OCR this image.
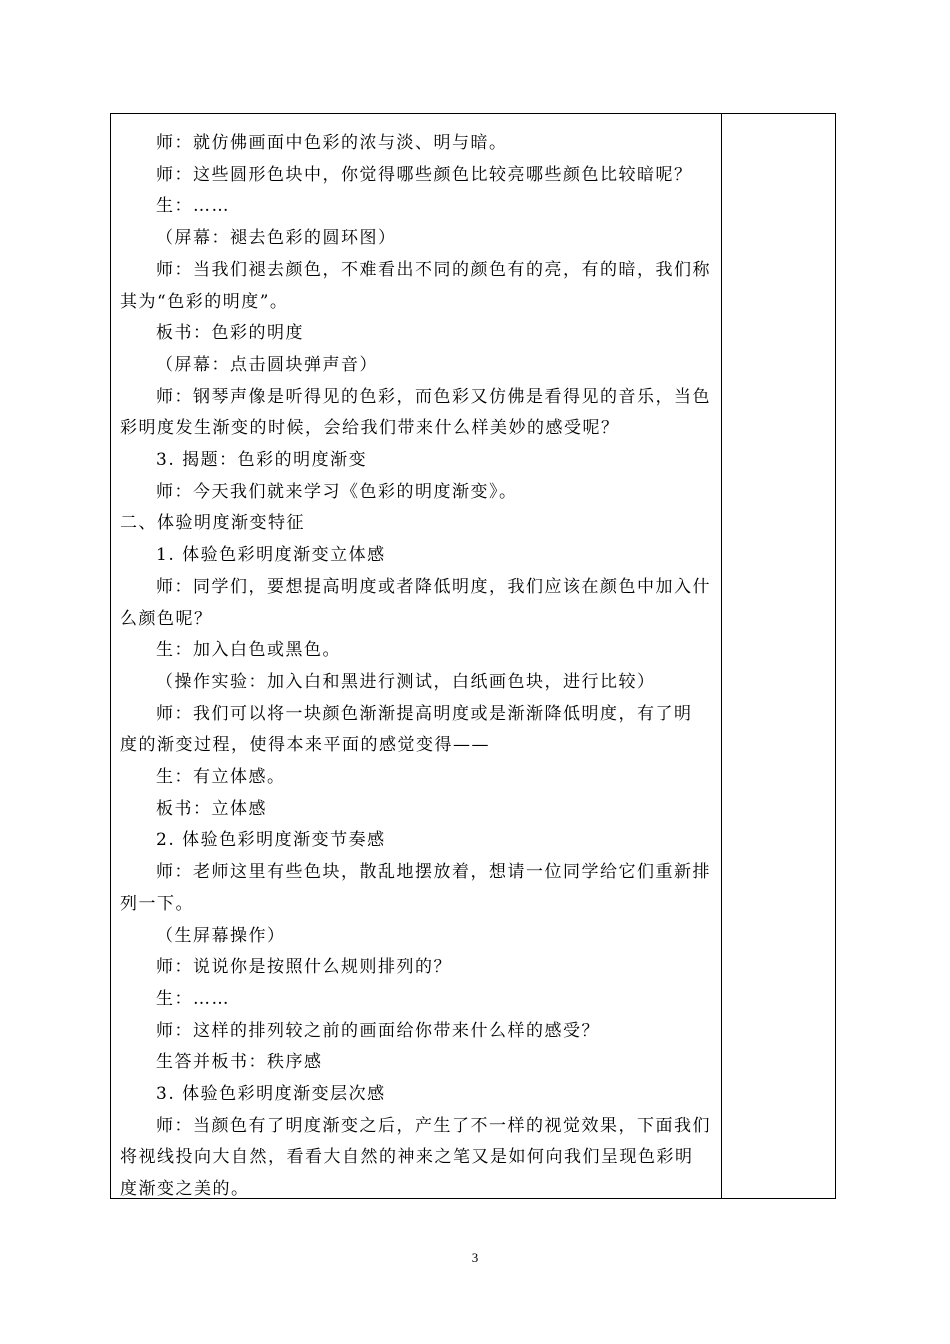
师：就仿佛画面中色彩的浓与淡、明与暗。
师：这些圆形色块中，你觉得哪些颜色比较亮哪些颜色比较暗呢？
生：……
（屏幕：褪去色彩的圆环图）
师：当我们褪去颜色，不难看出不同的颜色有的亮，有的暗，我们称
其为“色彩的明度”。
板书：色彩的明度
（屏幕：点击圆块弹声音）
师：钢琴声像是听得见的色彩，而色彩又仿佛是看得见的音乐，当色
彩明度发生渐变的时候，会给我们带来什么样美妙的感受呢？
3. 揭题：色彩的明度渐变
师：今天我们就来学习《色彩的明度渐变》。
二、体验明度渐变特征
1. 体验色彩明度渐变立体感
师：同学们，要想提高明度或者降低明度，我们应该在颜色中加入什
么颜色呢？
生：加入白色或黑色。
（操作实验：加入白和黑进行测试，白纸画色块，进行比较）
师：我们可以将一块颜色渐渐提高明度或是渐渐降低明度，有了明
度的渐变过程，使得本来平面的感觉变得——
生：有立体感。
板书：立体感
2. 体验色彩明度渐变节奏感
师：老师这里有些色块，散乱地摆放着，想请一位同学给它们重新排
列一下。
（生屏幕操作）
师：说说你是按照什么规则排列的？
生：……
师：这样的排列较之前的画面给你带来什么样的感受？
生答并板书：秩序感
3. 体验色彩明度渐变层次感
师：当颜色有了明度渐变之后，产生了不一样的视觉效果，下面我们
将视线投向大自然，看看大自然的神来之笔又是如何向我们呈现色彩明
度渐变之美的。
3
